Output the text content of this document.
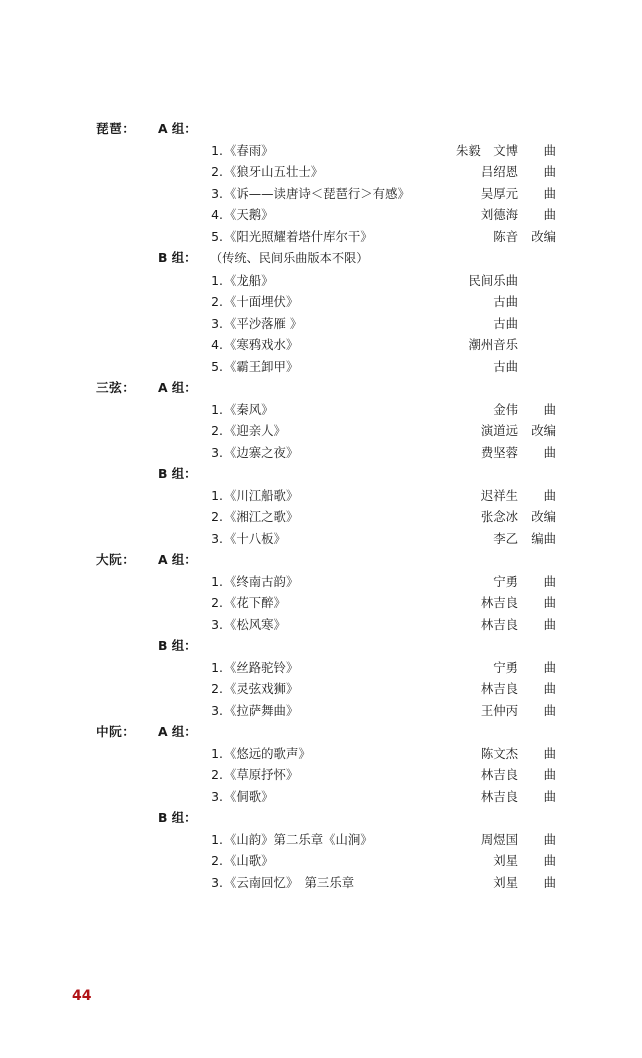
琵琶：	A 组：
1. 《春雨》	朱毅　文博	曲
2. 《狼牙山五壮士》	吕绍恩	曲
3. 《诉——读唐诗＜琵琶行＞有感》	吴厚元	曲
4. 《天鹅》	刘德海	曲
5. 《阳光照耀着塔什库尔干》	陈音	改编
B 组：	（传统、民间乐曲版本不限）
1. 《龙船》	民间乐曲
2. 《十面埋伏》	古曲
3. 《平沙落雁 》	古曲
4. 《寒鸦戏水》	潮州音乐
5. 《霸王卸甲》	古曲
三弦：	A 组：
1. 《秦风》	金伟	曲
2. 《迎亲人》	演道远	改编
3. 《边寨之夜》	费坚蓉	曲
B 组：
1. 《川江船歌》	迟祥生	曲
2. 《湘江之歌》	张念冰	改编
3. 《十八板》	李乙	编曲
大阮：	A 组：
1. 《终南古韵》	宁勇	曲
2. 《花下醉》	林吉良	曲
3. 《松风寒》	林吉良	曲
B 组：
1. 《丝路驼铃》	宁勇	曲
2. 《灵弦戏狮》	林吉良	曲
3. 《拉萨舞曲》	王仲丙	曲
中阮：	A 组：
1. 《悠远的歌声》	陈文杰	曲
2. 《草原抒怀》	林吉良	曲
3. 《侗歌》	林吉良	曲
B 组：
1. 《山韵》第二乐章《山涧》	周煜国	曲
2. 《山歌》	刘星	曲
3. 《云南回忆》　第三乐章	刘星	曲
44
